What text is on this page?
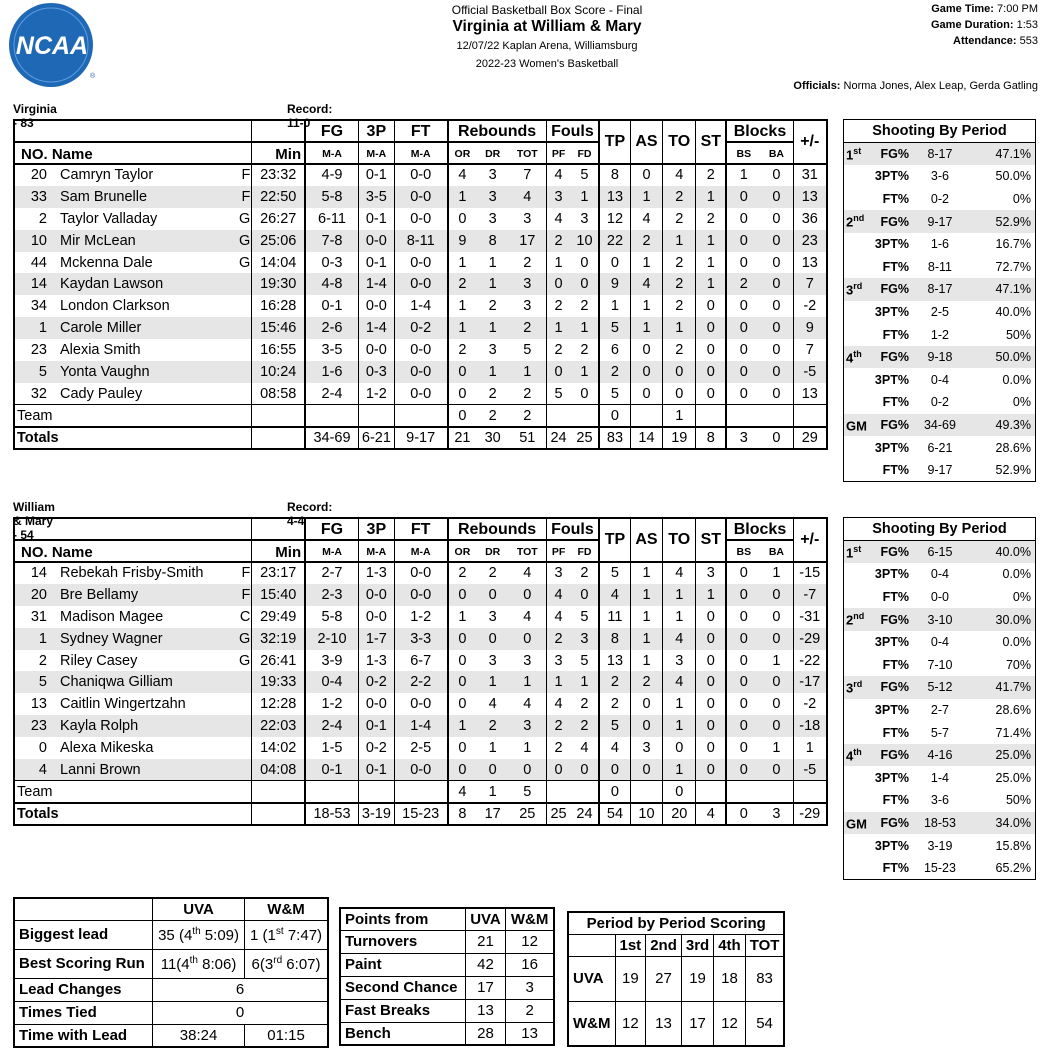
NCAA
®
Official Basketball Box Score - Final
Virginia at William & Mary
12/07/22 Kaplan Arena, Williamsburg
2022-23 Women's Basketball
Game Time: 7:00 PM
Game Duration: 1:53
Attendance: 553
Officials: Norma Jones, Alex Leap, Gerda Gatling
Virginia - 83
Record: 11-0
				FG	3P	FT	Rebounds			Fouls		TP	AS	TO	ST	Blocks		+/-
NO. Name			Min	M-A	M-A	M-A	OR	DR	TOT	PF	FD					BS	BA	
20	Camryn Taylor	F	23:32	4-9	0-1	0-0	4	3	7	4	5	8	0	4	2	1	0	31
33	Sam Brunelle	F	22:50	5-8	3-5	0-0	1	3	4	3	1	13	1	2	1	0	0	13
2	Taylor Valladay	G	26:27	6-11	0-1	0-0	0	3	3	4	3	12	4	2	2	0	0	36
10	Mir McLean	G	25:06	7-8	0-0	8-11	9	8	17	2	10	22	2	1	1	0	0	23
44	Mckenna Dale	G	14:04	0-3	0-1	0-0	1	1	2	1	0	0	1	2	1	0	0	13
14	Kaydan Lawson		19:30	4-8	1-4	0-0	2	1	3	0	0	9	4	2	1	2	0	7
34	London Clarkson		16:28	0-1	0-0	1-4	1	2	3	2	2	1	1	2	0	0	0	-2
1	Carole Miller		15:46	2-6	1-4	0-2	1	1	2	1	1	5	1	1	0	0	0	9
23	Alexia Smith		16:55	3-5	0-0	0-0	2	3	5	2	2	6	0	2	0	0	0	7
5	Yonta Vaughn		10:24	1-6	0-3	0-0	0	1	1	0	1	2	0	0	0	0	0	-5
32	Cady Pauley		08:58	2-4	1-2	0-0	0	2	2	5	0	5	0	0	0	0	0	13
Team							0	2	2			0		1				
Totals				34-69	6-21	9-17	21	30	51	24	25	83	14	19	8	3	0	29
Shooting By Period			
1st	FG%	8-17	47.1%
	3PT%	3-6	50.0%
	FT%	0-2	0%
2nd	FG%	9-17	52.9%
	3PT%	1-6	16.7%
	FT%	8-11	72.7%
3rd	FG%	8-17	47.1%
	3PT%	2-5	40.0%
	FT%	1-2	50%
4th	FG%	9-18	50.0%
	3PT%	0-4	0.0%
	FT%	0-2	0%
GM	FG%	34-69	49.3%
	3PT%	6-21	28.6%
	FT%	9-17	52.9%
William & Mary - 54
Record: 4-4
				FG	3P	FT	Rebounds			Fouls		TP	AS	TO	ST	Blocks		+/-
NO. Name			Min	M-A	M-A	M-A	OR	DR	TOT	PF	FD					BS	BA	
14	Rebekah Frisby-Smith	F	23:17	2-7	1-3	0-0	2	2	4	3	2	5	1	4	3	0	1	-15
20	Bre Bellamy	F	15:40	2-3	0-0	0-0	0	0	0	4	0	4	1	1	1	0	0	-7
31	Madison Magee	C	29:49	5-8	0-0	1-2	1	3	4	4	5	11	1	1	0	0	0	-31
1	Sydney Wagner	G	32:19	2-10	1-7	3-3	0	0	0	2	3	8	1	4	0	0	0	-29
2	Riley Casey	G	26:41	3-9	1-3	6-7	0	3	3	3	5	13	1	3	0	0	1	-22
5	Chaniqwa Gilliam		19:33	0-4	0-2	2-2	0	1	1	1	1	2	2	4	0	0	0	-17
13	Caitlin Wingertzahn		12:28	1-2	0-0	0-0	0	4	4	4	2	2	0	1	0	0	0	-2
23	Kayla Rolph		22:03	2-4	0-1	1-4	1	2	3	2	2	5	0	1	0	0	0	-18
0	Alexa Mikeska		14:02	1-5	0-2	2-5	0	1	1	2	4	4	3	0	0	0	1	1
4	Lanni Brown		04:08	0-1	0-1	0-0	0	0	0	0	0	0	0	1	0	0	0	-5
Team							4	1	5			0		0				
Totals				18-53	3-19	15-23	8	17	25	25	24	54	10	20	4	0	3	-29
Shooting By Period			
1st	FG%	6-15	40.0%
	3PT%	0-4	0.0%
	FT%	0-0	0%
2nd	FG%	3-10	30.0%
	3PT%	0-4	0.0%
	FT%	7-10	70%
3rd	FG%	5-12	41.7%
	3PT%	2-7	28.6%
	FT%	5-7	71.4%
4th	FG%	4-16	25.0%
	3PT%	1-4	25.0%
	FT%	3-6	50%
GM	FG%	18-53	34.0%
	3PT%	3-19	15.8%
	FT%	15-23	65.2%
	UVA	W&M
Biggest lead	35 (4th 5:09)	1 (1st 7:47)
Best Scoring Run	11(4th 8:06)	6(3rd 6:07)
Lead Changes	6	
Times Tied	0	
Time with Lead	38:24	01:15
Points from	UVA	W&M
Turnovers	21	12
Paint	42	16
Second Chance	17	3
Fast Breaks	13	2
Bench	28	13
Period by Period Scoring					
	1st	2nd	3rd	4th	TOT
UVA	19	27	19	18	83
W&M	12	13	17	12	54
